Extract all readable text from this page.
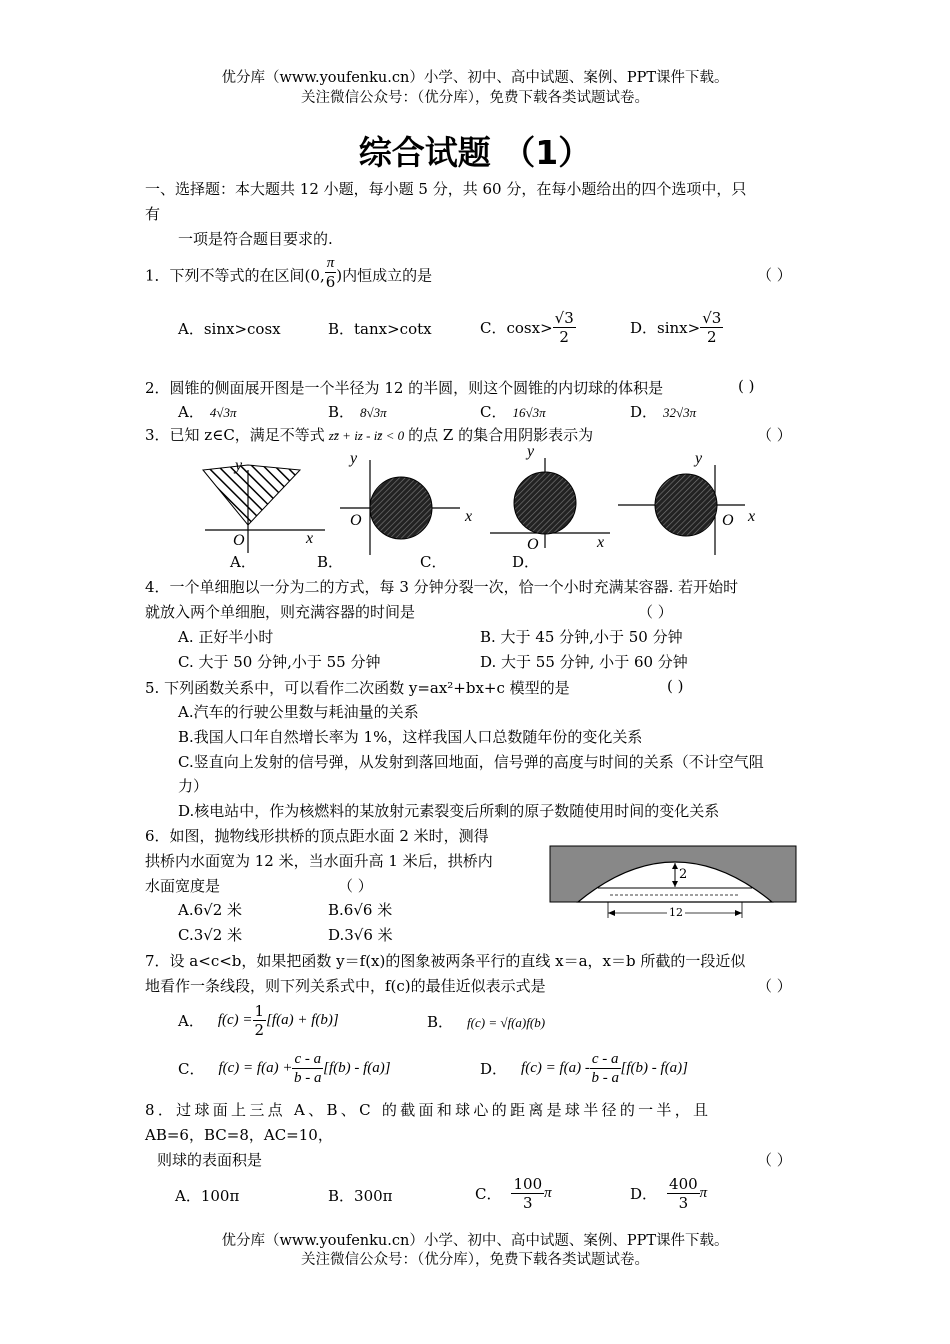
优分库（www.youfenku.cn）小学、初中、高中试题、案例、PPT课件下载。
关注微信公众号：（优分库），免费下载各类试题试卷。
综合试题 （1）
一、选择题：本大题共 12 小题，每小题 5 分，共 60 分，在每小题给出的四个选项中，只
有
一项是符合题目要求的.
1．下列不等式的在区间(0, $\frac{\pi}{6}$ )内恒成立的是	（ ）
A．sinx>cosx	B．tanx>cotx	C．$\cos x> \frac{√3}{2}$	D．$\sin x> \frac{√3}{2}$
2．圆锥的侧面展开图是一个半径为 12 的半圆，则这个圆锥的内切球的体积是	( )
A． 4√3π	B． 8√3π	C． 16√3π	D． 32√3π
3．已知 z∈C，满足不等式 zz̄ + iz - iz̄ < 0 的点 Z 的集合用阴影表示为	（ ）
y
O	x
A．
y
O	x
B．	C．
y
O	x
D．
y
O x
4．一个单细胞以一分为二的方式，每 3 分钟分裂一次，恰一个小时充满某容器. 若开始时
就放入两个单细胞，则充满容器的时间是	（ ）
A. 正好半小时	B. 大于 45 分钟,小于 50 分钟
C. 大于 50 分钟,小于 55 分钟	D. 大于 55 分钟, 小于 60 分钟
5. 下列函数关系中，可以看作二次函数 y=ax²+bx+c 模型的是	( )
A.汽车的行驶公里数与耗油量的关系
B.我国人口年自然增长率为 1%，这样我国人口总数随年份的变化关系
C.竖直向上发射的信号弹，从发射到落回地面，信号弹的高度与时间的关系（不计空气阻
力）
D.核电站中，作为核燃料的某放射元素裂变后所剩的原子数随使用时间的变化关系
6．如图，抛物线形拱桥的顶点距水面 2 米时，测得
拱桥内水面宽为 12 米，当水面升高 1 米后，拱桥内
水面宽度是	（ ）
A.6√2 米	B.6√6 米
C.3√2 米	D.3√6 米
2
12
7．设 a<c<b，如果把函数 y＝f(x)的图象被两条平行的直线 x＝a，x＝b 所截的一段近似
地看作一条线段，则下列关系式中，f(c)的最佳近似表示式是	（ ）
A． $f(c) = \frac{1}{2} [f(a) + f(b)]$	B． f(c) = √f(a)f(b)
C． $f(c) = f(a) + \frac{c - a}{b - a} [f(b) - f(a)]$	D． $f(c) = f(a) - \frac{c - a}{b - a} [f(b) - f(a)]$
8．过球面上三点 A、B、C 的截面和球心的距离是球半径的一半，且
AB=6，BC=8，AC=10，
则球的表面积是	（ ）
A．100π	B．300π	C． $\frac{100}{3}$ π	D． $\frac{400}{3}$ π
优分库（www.youfenku.cn）小学、初中、高中试题、案例、PPT课件下载。
关注微信公众号：（优分库），免费下载各类试题试卷。
